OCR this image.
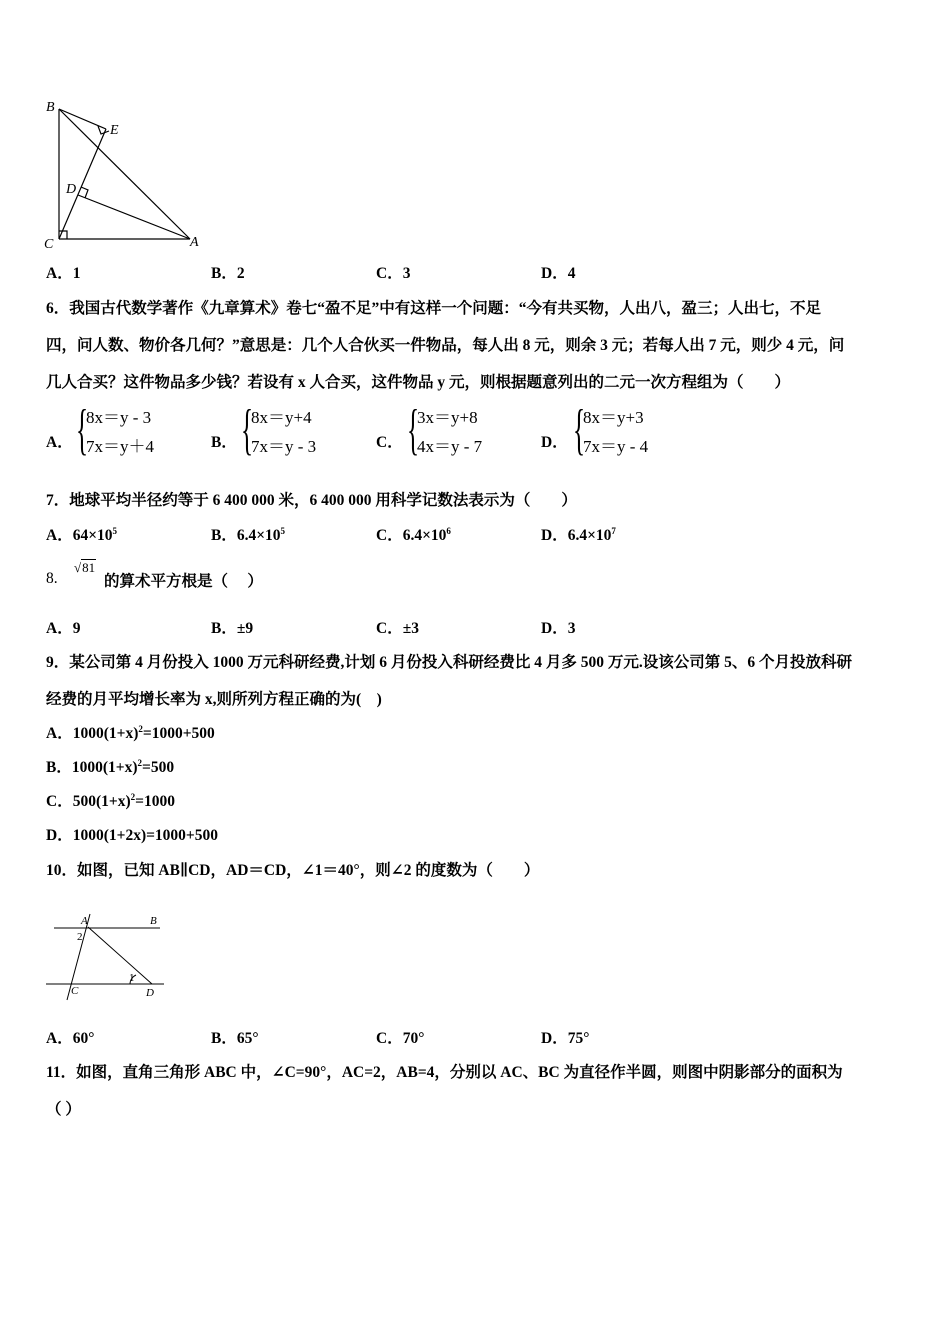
B
E
D
C	A
A．1	B．2	C．3	D．4
6．我国古代数学著作《九章算术》卷七“盈不足”中有这样一个问题：“今有共买物，人出八，盈三；人出七，不足
四，问人数、物价各几何？”意思是：几个人合伙买一件物品，每人出 8 元，则余 3 元；若每人出 7 元，则少 4 元，问
几人合买？这件物品多少钱？若设有 x 人合买，这件物品 y 元，则根据题意列出的二元一次方程组为（　　）
A． {
8x＝y - 3
7x＝y＋4	B． {
8x＝y+4
7x＝y - 3	C． {
3x＝y+8
4x＝y - 7	D． {
8x＝y+3
7x＝y - 4
7．地球平均半径约等于 6 400 000 米，6 400 000 用科学记数法表示为（　　）
A．$64\times 10^5$	B．$6.4\times 10^5$	C．$6.4\times 10^6$	D．$6.4\times 10^7$
8.
√81
的算术平方根是（　 ）
A．9	B．±9	C．±3	D．3
9．某公司第 4 月份投入 1000 万元科研经费,计划 6 月份投入科研经费比 4 月多 500 万元.设该公司第 5、6 个月投放科研
经费的月平均增长率为 x,则所列方程正确的为(　)
A．$1000(1+x)^2=1000+500$
B．$1000(1+x)^2=500$
C．$500(1+x)^2=1000$
D．1000(1+2x)=1000+500
10．如图，已知 AB∥CD，AD＝CD，∠1＝40°，则∠2 的度数为（　　）
A	B
C	D
2
1
A．60°	B．65°	C．70°	D．75°
11．如图，直角三角形 ABC 中，∠C=90°，AC=2，AB=4，分别以 AC、BC 为直径作半圆，则图中阴影部分的面积为
（ ）
